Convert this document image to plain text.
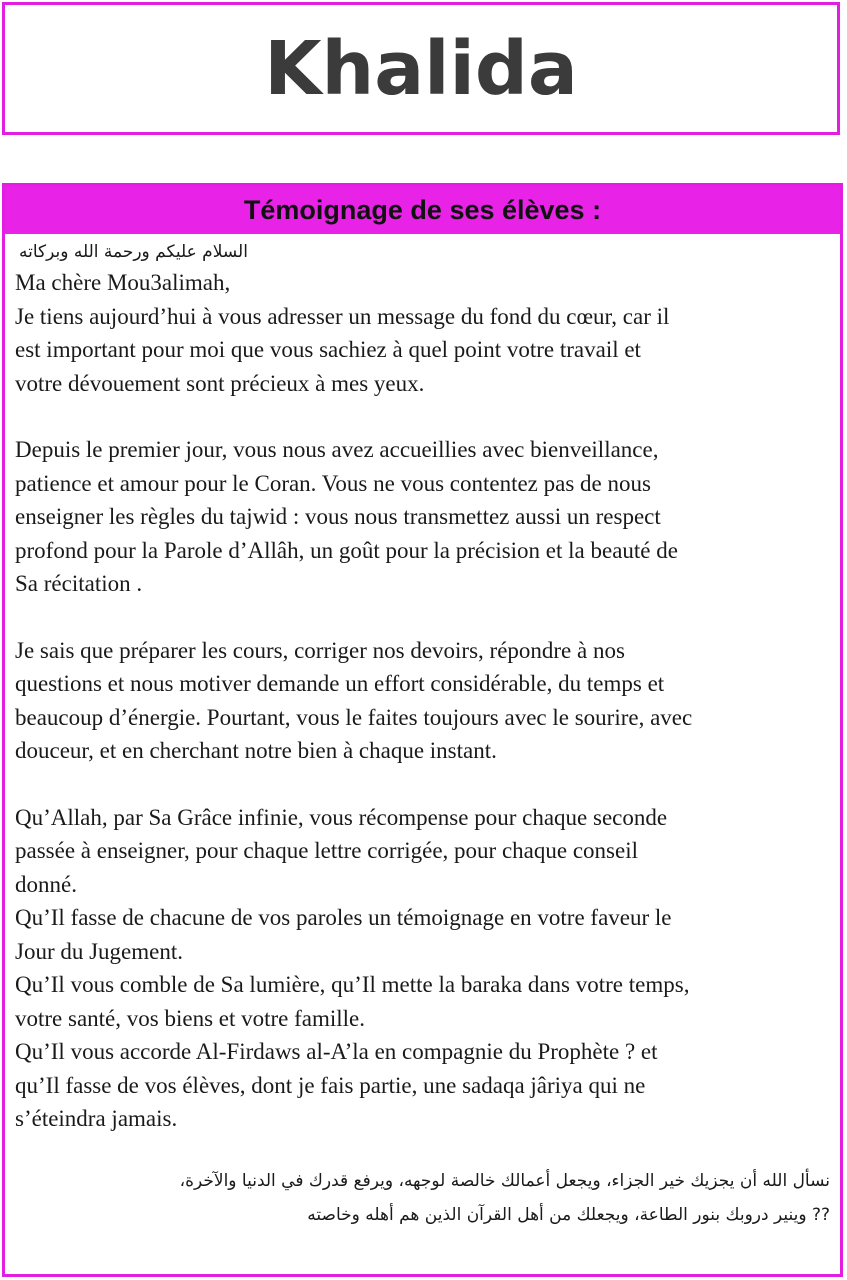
Khalida
Témoignage de ses élèves :
السلام عليكم ورحمة الله وبركاته
Ma chère Mou3alimah,

Je tiens aujourd’hui à vous adresser un message du fond du cœur, car il
est important pour moi que vous sachiez à quel point votre travail et
votre dévouement sont précieux à mes yeux.

Depuis le premier jour, vous nous avez accueillies avec bienveillance,
patience et amour pour le Coran. Vous ne vous contentez pas de nous
enseigner les règles du tajwid : vous nous transmettez aussi un respect
profond pour la Parole d’Allâh, un goût pour la précision et la beauté de
Sa récitation .

Je sais que préparer les cours, corriger nos devoirs, répondre à nos
questions et nous motiver demande un effort considérable, du temps et
beaucoup d’énergie. Pourtant, vous le faites toujours avec le sourire, avec
douceur, et en cherchant notre bien à chaque instant.

Qu’Allah, par Sa Grâce infinie, vous récompense pour chaque seconde
passée à enseigner, pour chaque lettre corrigée, pour chaque conseil
donné.
Qu’Il fasse de chacune de vos paroles un témoignage en votre faveur le
Jour du Jugement.
Qu’Il vous comble de Sa lumière, qu’Il mette la baraka dans votre temps,
votre santé, vos biens et votre famille.
Qu’Il vous accorde Al-Firdaws al-A’la en compagnie du Prophète ? et
qu’Il fasse de vos élèves, dont je fais partie, une sadaqa jâriya qui ne
s’éteindra jamais.

نسأل الله أن يجزيك خير الجزاء، ويجعل أعمالك خالصة لوجهه، ويرفع قدرك في الدنيا والآخرة،
?? وينير دروبك بنور الطاعة، ويجعلك من أهل القرآن الذين هم أهله وخاصته
